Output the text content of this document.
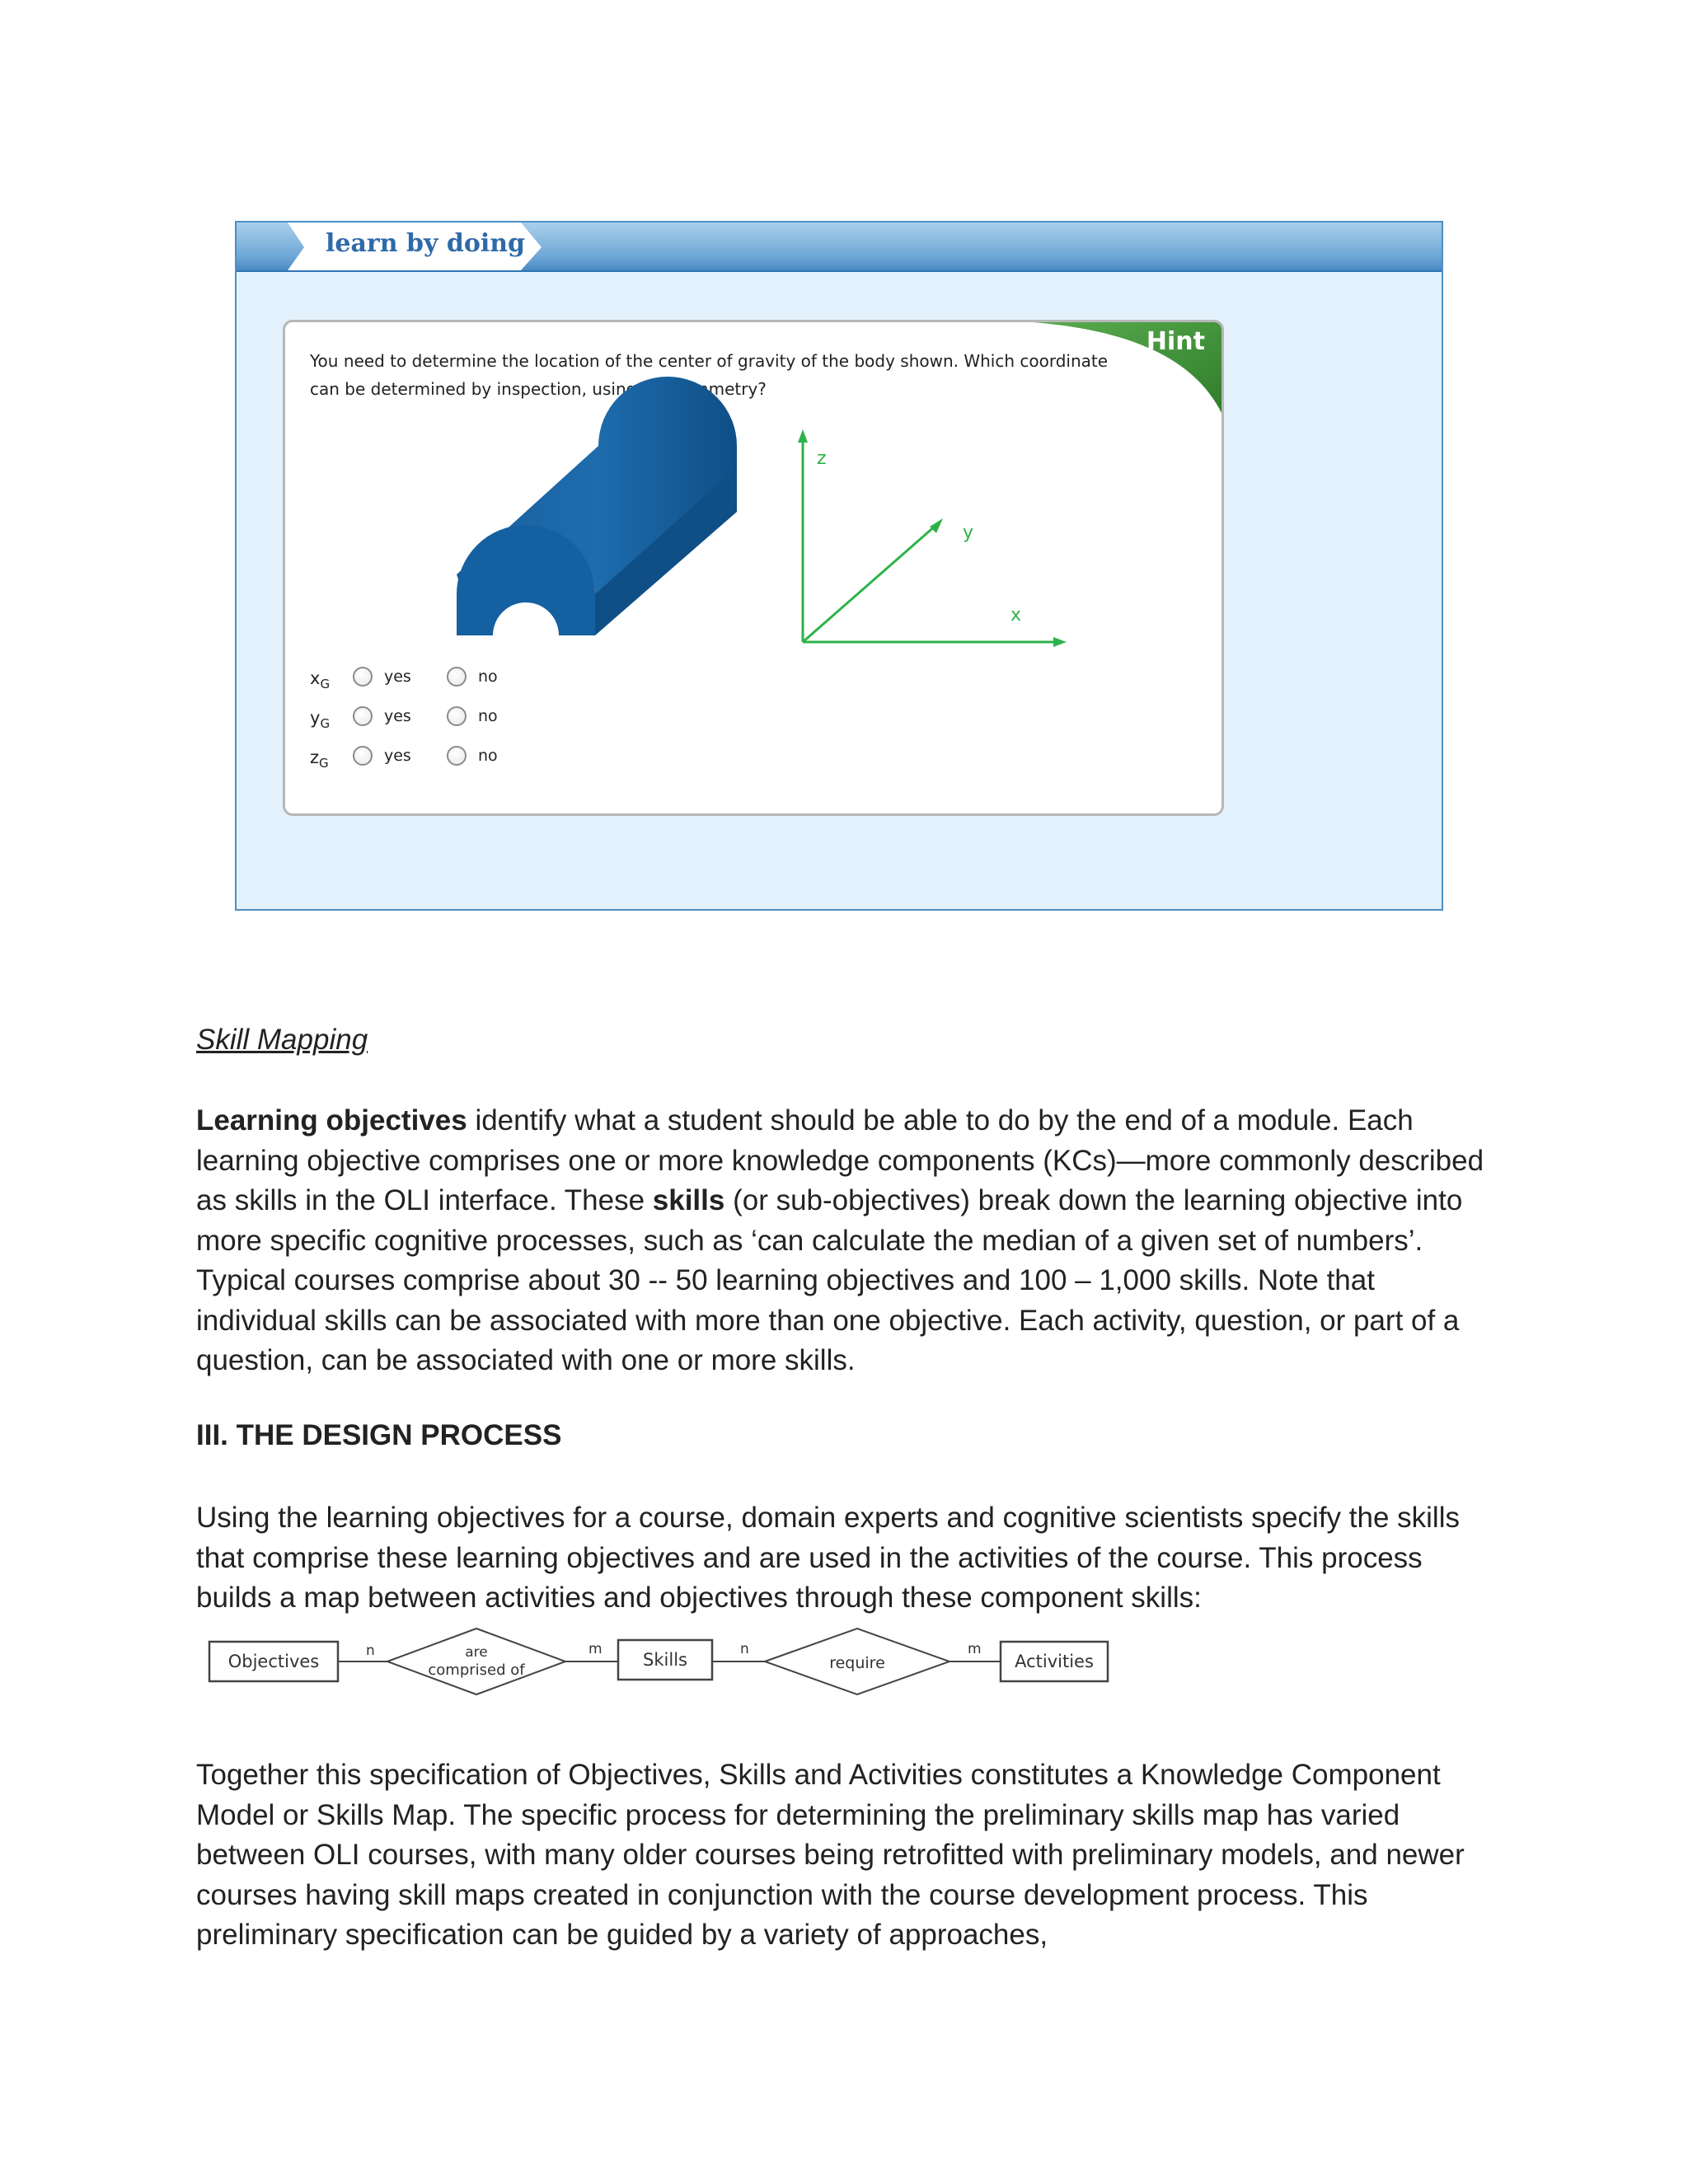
learn by doing
Hint
You need to determine the location of the center of gravity of the body shown. Which coordinate can be determined by inspection, using the symmetry?
z
y
x
$x_G$	yes	no
$y_G$	yes	no
$z_G$	yes	no
Skill Mapping
Learning objectives identify what a student should be able to do by the end of a module. Each learning objective comprises one or more knowledge components (KCs)—more commonly described as skills in the OLI interface. These skills (or sub-objectives) break down the learning objective into more specific cognitive processes, such as ‘can calculate the median of a given set of numbers’. Typical courses comprise about 30 -- 50 learning objectives and 100 – 1,000 skills. Note that individual skills can be associated with more than one objective. Each activity, question, or part of a question, can be associated with one or more skills.
III. THE DESIGN PROCESS
Using the learning objectives for a course, domain experts and cognitive scientists specify the skills that comprise these learning objectives and are used in the activities of the course. This process builds a map between activities and objectives through these component skills:
Objectives
n	are
comprised of
m
Skills
n
require
m
Activities
Together this specification of Objectives, Skills and Activities constitutes a Knowledge Component Model or Skills Map. The specific process for determining the preliminary skills map has varied between OLI courses, with many older courses being retrofitted with preliminary models, and newer courses having skill maps created in conjunction with the course development process. This preliminary specification can be guided by a variety of approaches,
